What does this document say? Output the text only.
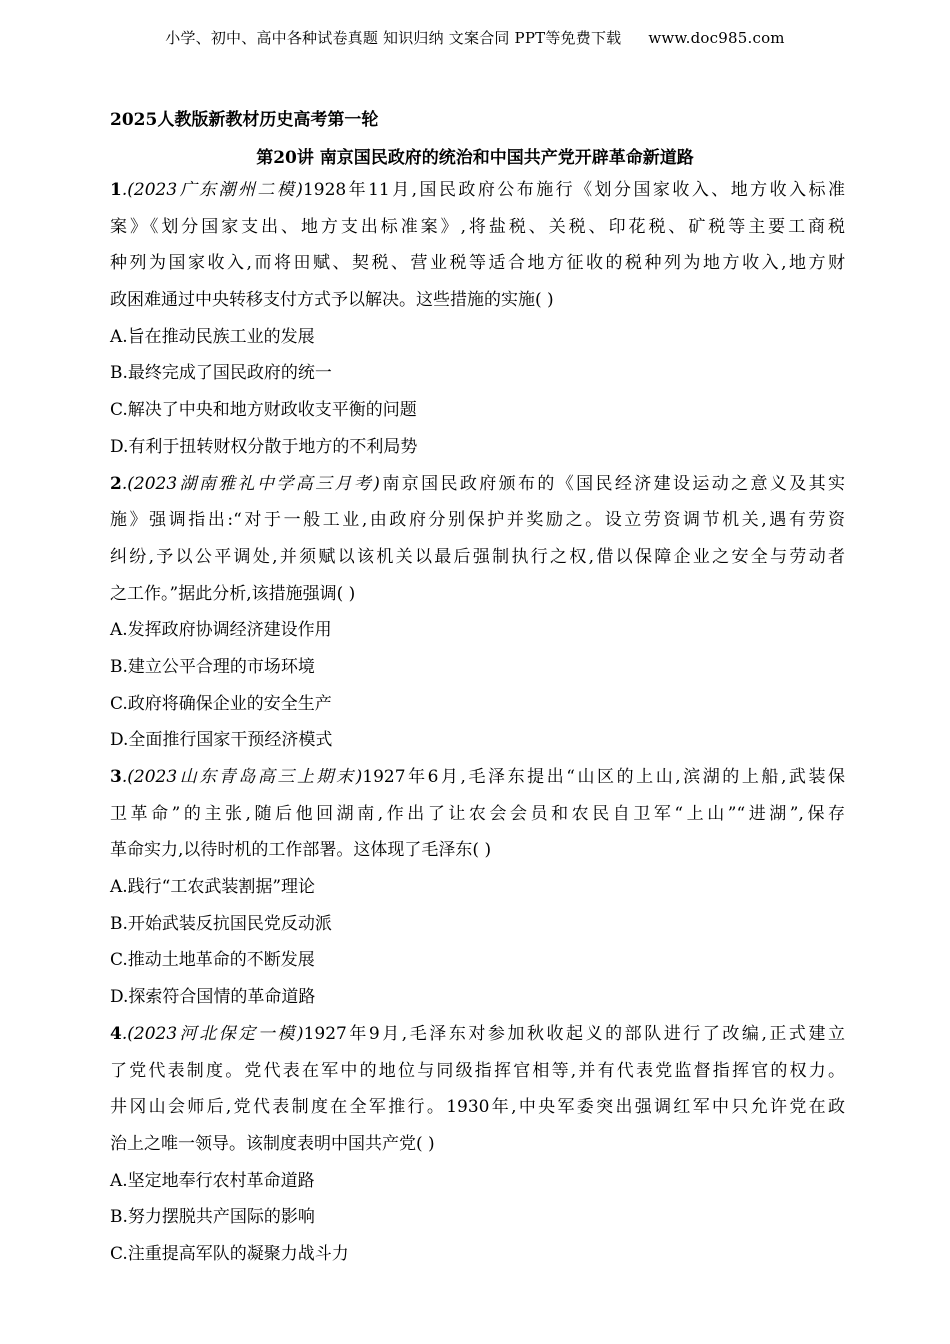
小学、初中、高中各种试卷真题 知识归纳 文案合同 PPT等免费下载 www.doc985.com
2025人教版新教材历史高考第一轮
第20讲 南京国民政府的统治和中国共产党开辟革命新道路
1.(2023广东潮州二模)1928年11月,国民政府公布施行《划分国家收入、地方收入标准
案》《划分国家支出、地方支出标准案》,将盐税、关税、印花税、矿税等主要工商税
种列为国家收入,而将田赋、契税、营业税等适合地方征收的税种列为地方收入,地方财
政困难通过中央转移支付方式予以解决。这些措施的实施( )
A.旨在推动民族工业的发展
B.最终完成了国民政府的统一
C.解决了中央和地方财政收支平衡的问题
D.有利于扭转财权分散于地方的不利局势
2.(2023湖南雅礼中学高三月考)南京国民政府颁布的《国民经济建设运动之意义及其实
施》强调指出:“对于一般工业,由政府分别保护并奖励之。设立劳资调节机关,遇有劳资
纠纷,予以公平调处,并须赋以该机关以最后强制执行之权,借以保障企业之安全与劳动者
之工作。”据此分析,该措施强调( )
A.发挥政府协调经济建设作用
B.建立公平合理的市场环境
C.政府将确保企业的安全生产
D.全面推行国家干预经济模式
3.(2023山东青岛高三上期末)1927年6月,毛泽东提出“山区的上山,滨湖的上船,武装保
卫革命”的主张,随后他回湖南,作出了让农会会员和农民自卫军“上山”“进湖”,保存
革命实力,以待时机的工作部署。这体现了毛泽东( )
A.践行“工农武装割据”理论
B.开始武装反抗国民党反动派
C.推动土地革命的不断发展
D.探索符合国情的革命道路
4.(2023河北保定一模)1927年9月,毛泽东对参加秋收起义的部队进行了改编,正式建立
了党代表制度。党代表在军中的地位与同级指挥官相等,并有代表党监督指挥官的权力。
井冈山会师后,党代表制度在全军推行。1930年,中央军委突出强调红军中只允许党在政
治上之唯一领导。该制度表明中国共产党( )
A.坚定地奉行农村革命道路
B.努力摆脱共产国际的影响
C.注重提高军队的凝聚力战斗力
